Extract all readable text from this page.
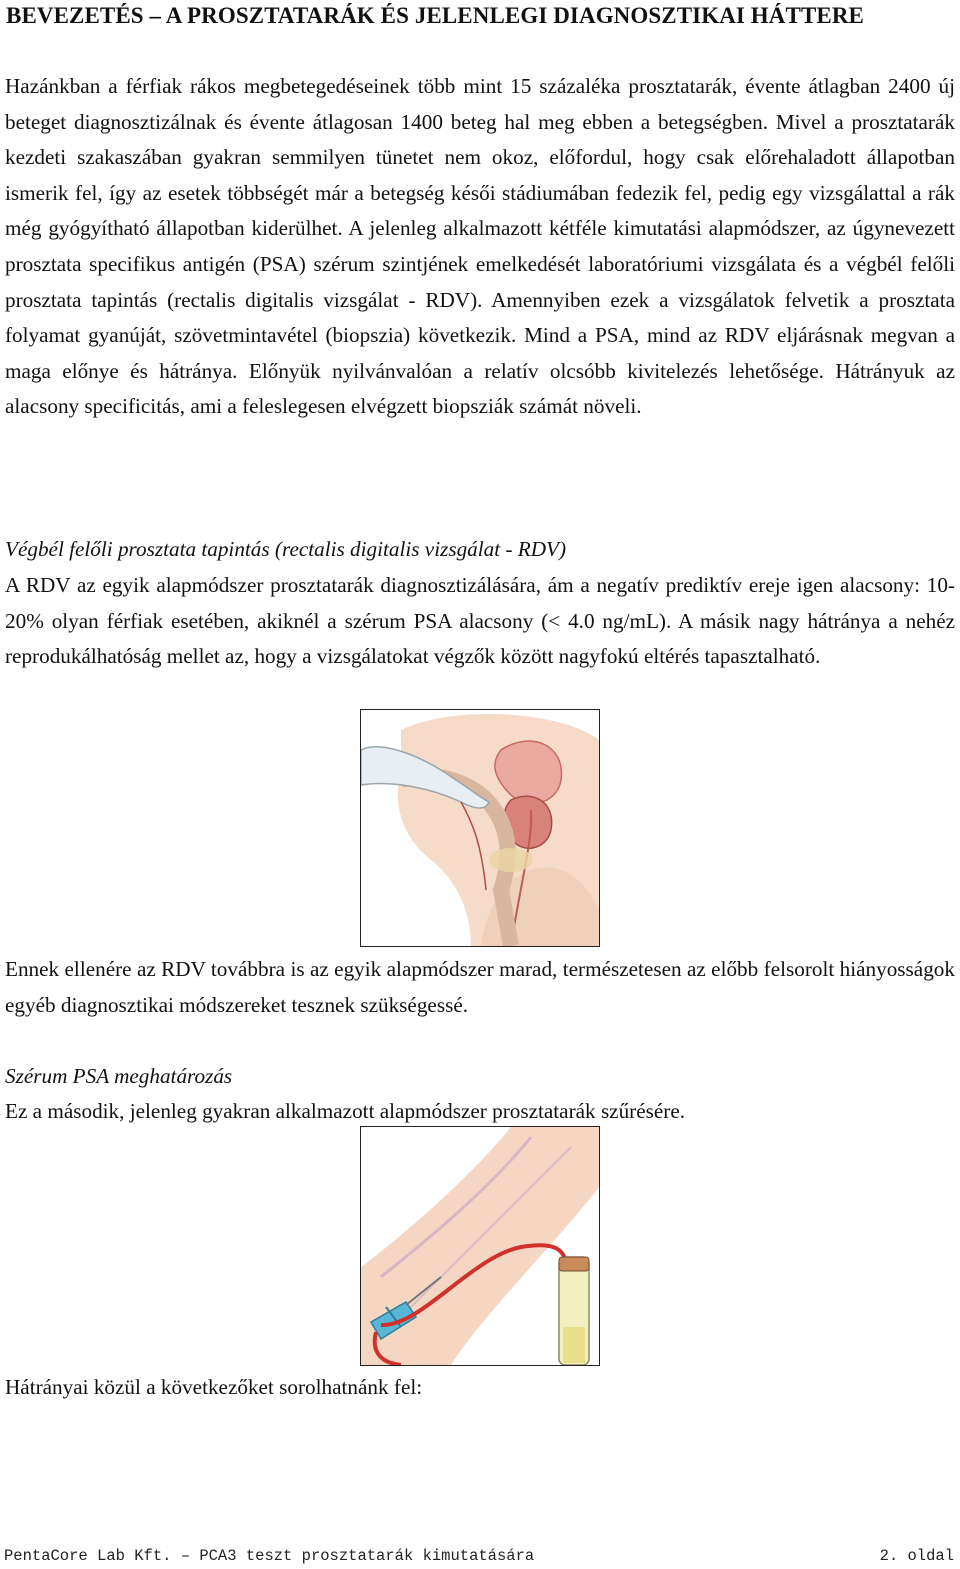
BEVEZETÉS – A PROSZTATARÁK ÉS JELENLEGI DIAGNOSZTIKAI HÁTTERE
Hazánkban a férfiak rákos megbetegedéseinek több mint 15 százaléka prosztatarák, évente átlagban 2400 új beteget diagnosztizálnak és évente átlagosan 1400 beteg hal meg ebben a betegségben. Mivel a prosztatarák kezdeti szakaszában gyakran semmilyen tünetet nem okoz, előfordul, hogy csak előrehaladott állapotban ismerik fel, így az esetek többségét már a betegség késői stádiumában fedezik fel, pedig egy vizsgálattal a rák még gyógyítható állapotban kiderülhet. A jelenleg alkalmazott kétféle kimutatási alapmódszer, az úgynevezett prosztata specifikus antigén (PSA) szérum szintjének emelkedését laboratóriumi vizsgálata és a végbél felőli prosztata tapintás (rectalis digitalis vizsgálat - RDV). Amennyiben ezek a vizsgálatok felvetik a prosztata folyamat gyanúját, szövetmintavétel (biopszia) következik. Mind a PSA, mind az RDV eljárásnak megvan a maga előnye és hátránya. Előnyük nyilvánvalóan a relatív olcsóbb kivitelezés lehetősége. Hátrányuk az alacsony specificitás, ami a feleslegesen elvégzett biopsziák számát növeli.
Végbél felőli prosztata tapintás (rectalis digitalis vizsgálat - RDV)
A RDV az egyik alapmódszer prosztatarák diagnosztizálására, ám a negatív prediktív ereje igen alacsony: 10-20% olyan férfiak esetében, akiknél a szérum PSA alacsony (< 4.0 ng/mL). A másik nagy hátránya a nehéz reprodukálhatóság mellet az, hogy a vizsgálatokat végzők között nagyfokú eltérés tapasztalható.
Ennek ellenére az RDV továbbra is az egyik alapmódszer marad, természetesen az előbb felsorolt hiányosságok egyéb diagnosztikai módszereket tesznek szükségessé.
Szérum PSA meghatározás
Ez a második, jelenleg gyakran alkalmazott alapmódszer prosztatarák szűrésére.
Hátrányai közül a következőket sorolhatnánk fel:
PentaCore Lab Kft. – PCA3 teszt prosztatarák kimutatására	2. oldal
